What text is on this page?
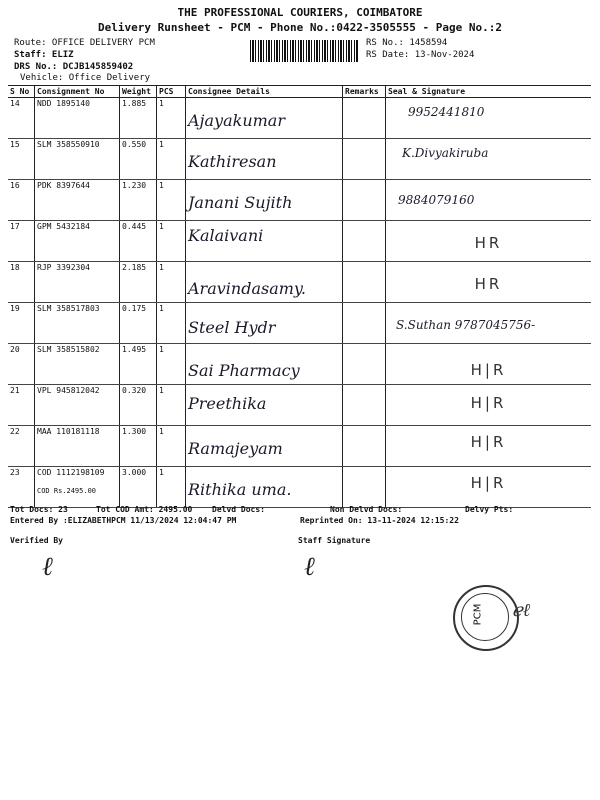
THE PROFESSIONAL COURIERS, COIMBATORE
Delivery Runsheet - PCM - Phone No.:0422-3505555 - Page No.:2
Route: OFFICE DELIVERY PCM
Staff: ELIZ
DRS No.: DCJB145859402
Vehicle: Office Delivery
RS No.: 1458594
RS Date: 13-Nov-2024
S No	Consignment No	Weight	PCS	Consignee Details	Remarks	Seal & Signature
14	NDD 1895140	1.885	1	Ajayakumar		9952441810

15	SLM 358550910	0.550	1	Kathiresan		K.Divyakiruba

16	PDK 8397644	1.230	1	Janani Sujith		9884079160

17	GPM 5432184	0.445	1	Kalaivani		HR

18	RJP 3392304	2.185	1	Aravindasamy.		HR

19	SLM 358517803	0.175	1	Steel Hydr		S.Suthan 9787045756-

20	SLM 358515802	1.495	1	Sai Pharmacy		H|R

21	VPL 945812042	0.320	1	Preethika		H|R

22	MAA 110181118	1.300	1	Ramajeyam		H|R

23	COD 1112198109
COD Rs.2495.00	3.000	1	Rithika uma.		H|R
Tot Docs: 23	Tot COD Amt: 2495.00 Delvd Docs:	Non Delvd Docs:	Delvy Pts:
Entered By :ELIZABETHPCM 11/13/2024 12:04:47 PM	Reprinted On: 13-11-2024 12:15:22
Verified By	Staff Signature
ℓ	ℓ
PCM ℯℓ
